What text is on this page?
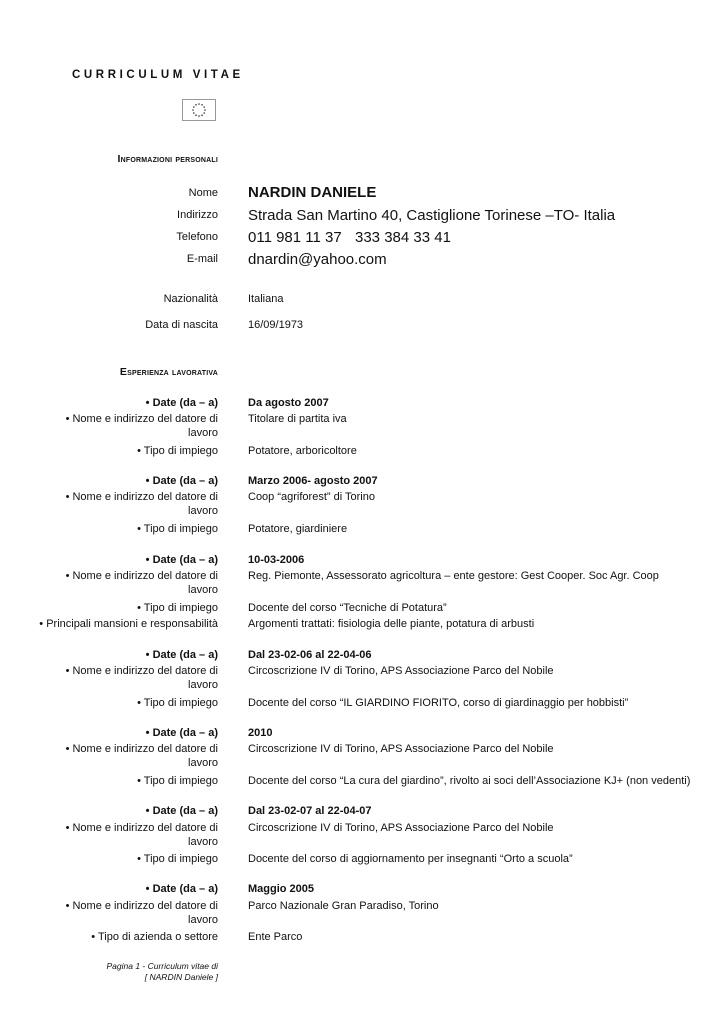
CURRICULUM VITAE
Informazioni personali
Nome NARDIN DANIELE
Indirizzo Strada San Martino 40, Castiglione Torinese –TO- Italia
Telefono 011 981 11 37 333 384 33 41
E-mail dnardin@yahoo.com
Nazionalità	Italiana
Data di nascita	16/09/1973
Esperienza lavorativa
• Date (da – a)	Da agosto 2007
• Nome e indirizzo del datore di	Titolare di partita iva
lavoro
• Tipo di impiego	Potatore, arboricoltore
• Date (da – a)	Marzo 2006- agosto 2007
• Nome e indirizzo del datore di	Coop “agriforest” di Torino
lavoro
• Tipo di impiego	Potatore, giardiniere
• Date (da – a)	10-03-2006
• Nome e indirizzo del datore di	Reg. Piemonte, Assessorato agricoltura – ente gestore: Gest Cooper. Soc Agr. Coop
lavoro
• Tipo di impiego	Docente del corso “Tecniche di Potatura”
• Principali mansioni e responsabilità	Argomenti trattati: fisiologia delle piante, potatura di arbusti
• Date (da – a)	Dal 23-02-06 al 22-04-06
• Nome e indirizzo del datore di	Circoscrizione IV di Torino, APS Associazione Parco del Nobile
lavoro
• Tipo di impiego	Docente del corso “IL GIARDINO FIORITO, corso di giardinaggio per hobbisti”
• Date (da – a)	2010
• Nome e indirizzo del datore di	Circoscrizione IV di Torino, APS Associazione Parco del Nobile
lavoro
• Tipo di impiego	Docente del corso “La cura del giardino”, rivolto ai soci dell’Associazione KJ+ (non vedenti)
• Date (da – a)	Dal 23-02-07 al 22-04-07
• Nome e indirizzo del datore di	Circoscrizione IV di Torino, APS Associazione Parco del Nobile
lavoro
• Tipo di impiego	Docente del corso di aggiornamento per insegnanti “Orto a scuola”
• Date (da – a)	Maggio 2005
• Nome e indirizzo del datore di	Parco Nazionale Gran Paradiso, Torino
lavoro
• Tipo di azienda o settore	Ente Parco
Pagina 1 - Curriculum vitae di
[ NARDIN Daniele ]
